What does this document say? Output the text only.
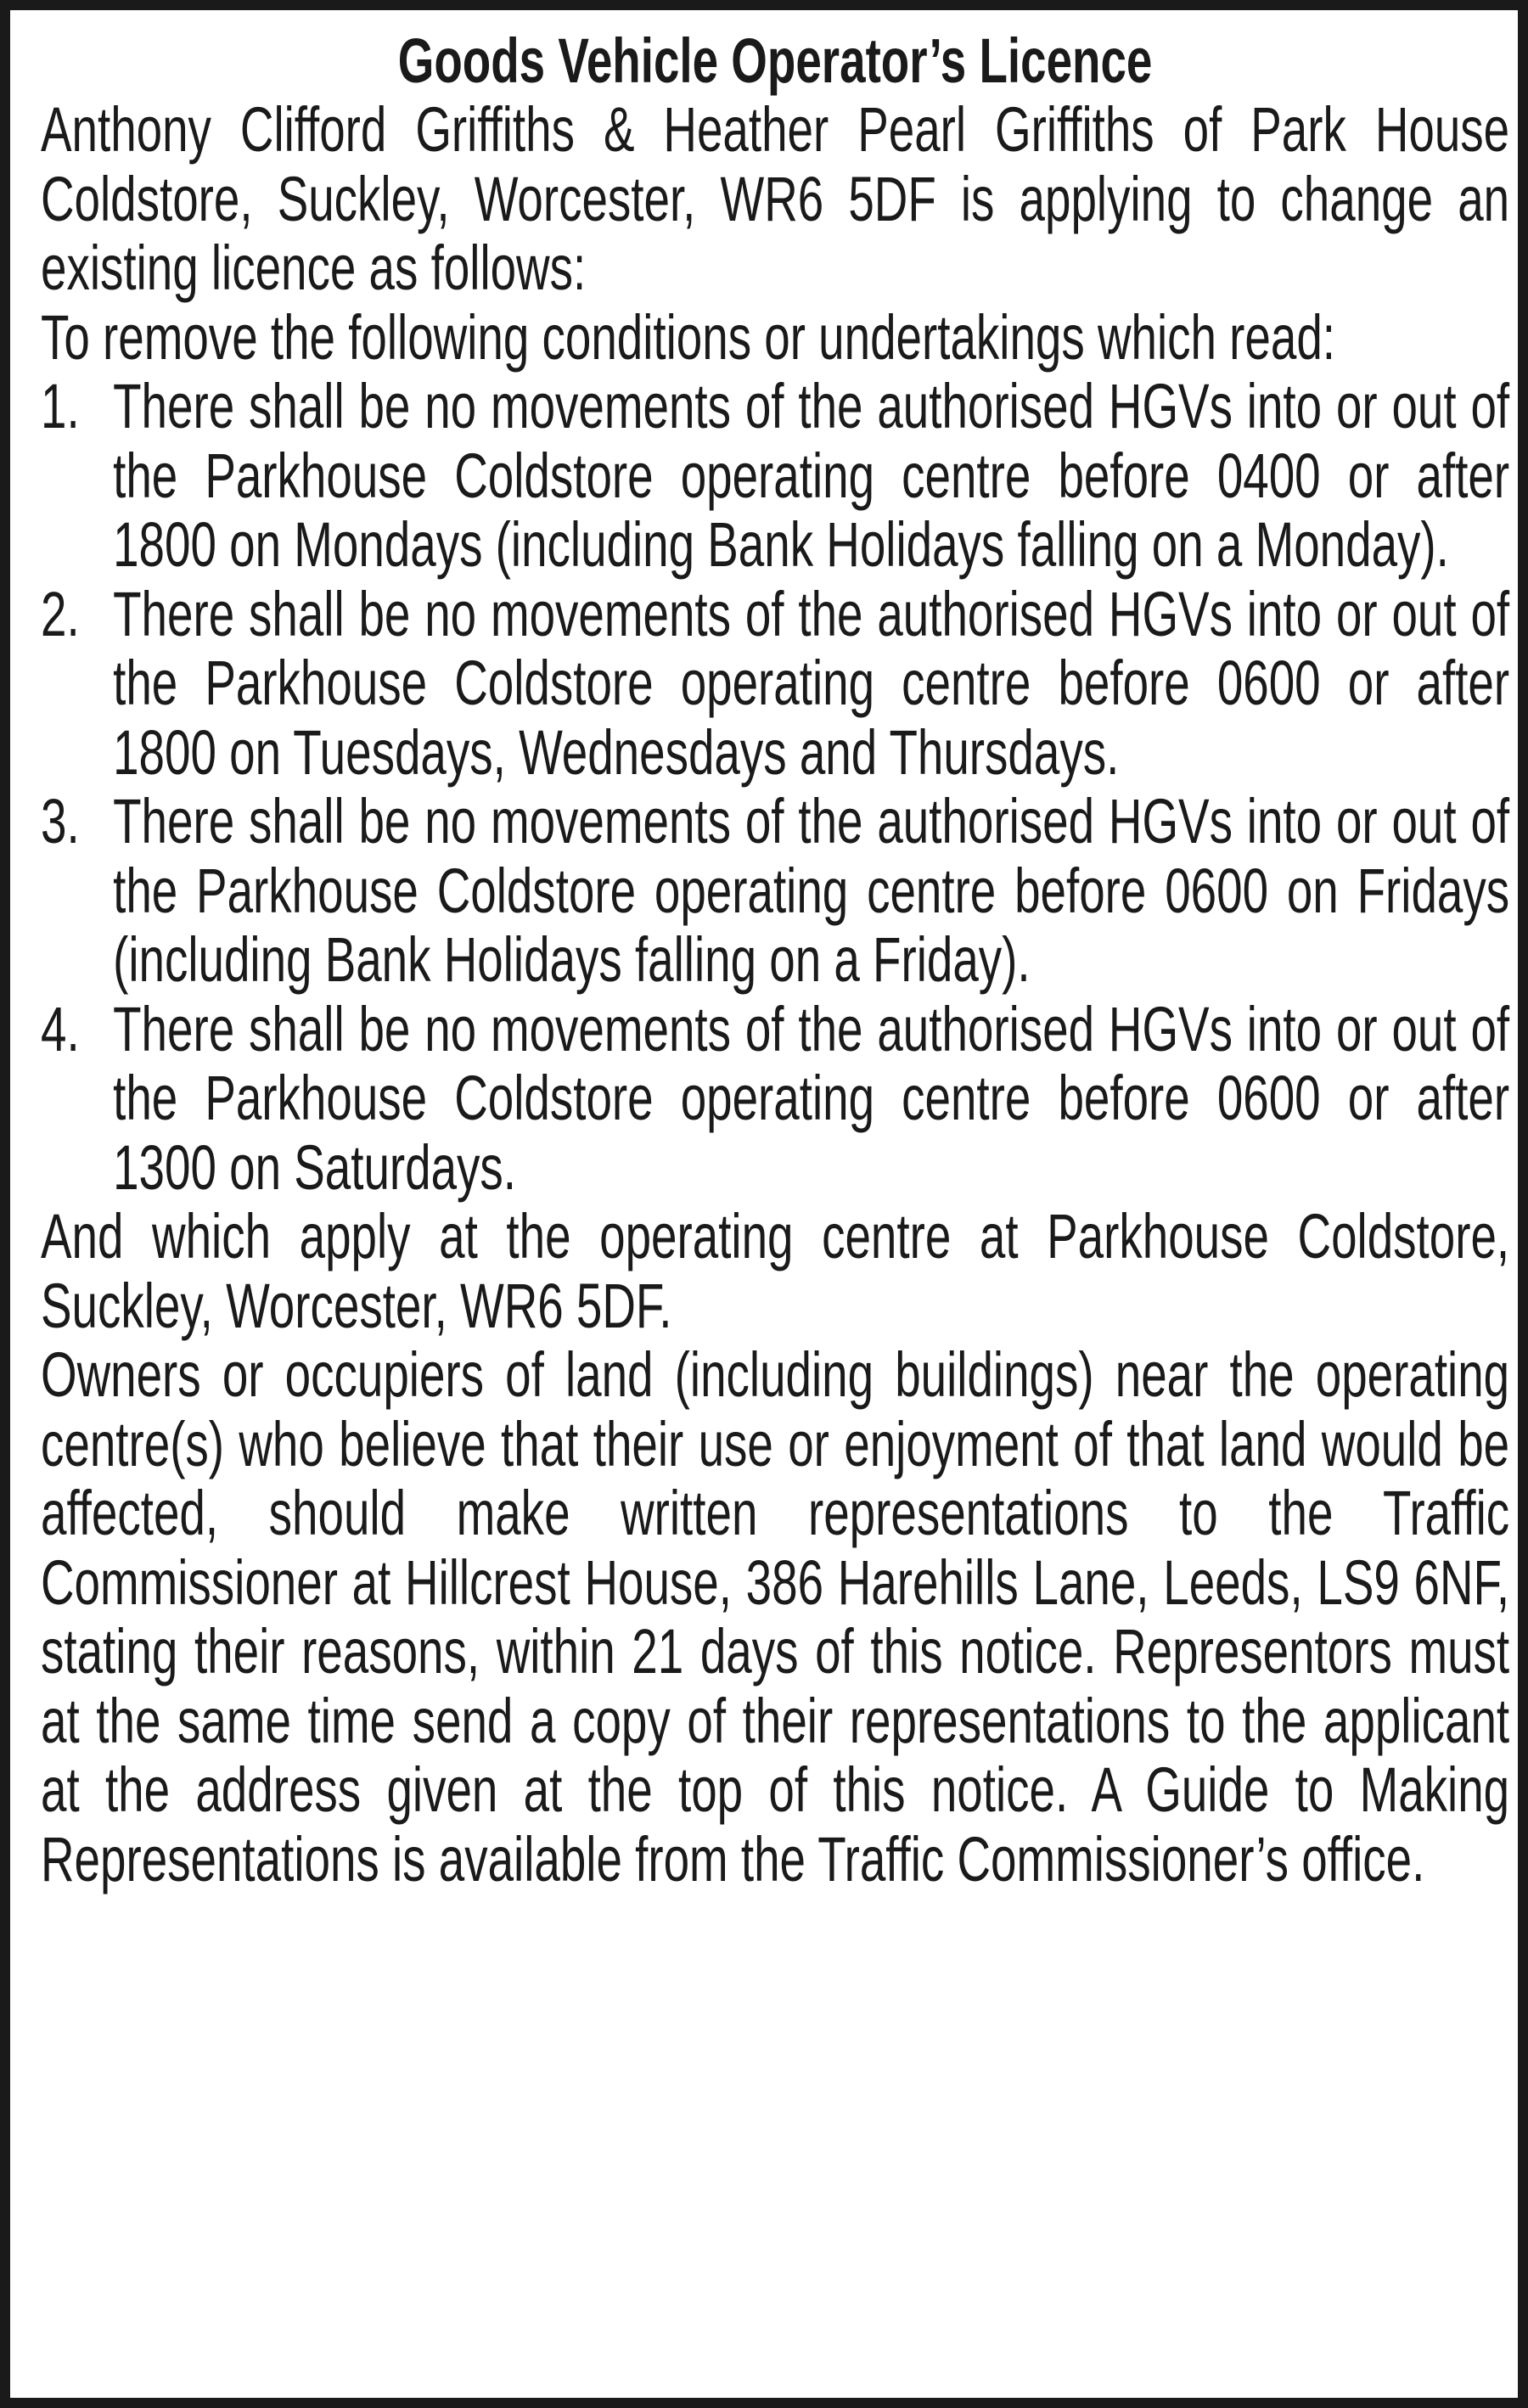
Goods Vehicle Operator’s Licence

Anthony Clifford Griffiths & Heather Pearl Griffiths of Park House Coldstore, Suckley, Worcester, WR6 5DF is applying to change an existing licence as follows:

To remove the following conditions or undertakings which read:

1. There shall be no movements of the authorised HGVs into or out of the Parkhouse Coldstore operating centre before 0400 or after 1800 on Mondays (including Bank Holidays falling on a Monday).
2. There shall be no movements of the authorised HGVs into or out of the Parkhouse Coldstore operating centre before 0600 or after 1800 on Tuesdays, Wednesdays and Thursdays.
3. There shall be no movements of the authorised HGVs into or out of the Parkhouse Coldstore operating centre before 0600 on Fridays (including Bank Holidays falling on a Friday).
4. There shall be no movements of the authorised HGVs into or out of the Parkhouse Coldstore operating centre before 0600 or after 1300 on Saturdays.

And which apply at the operating centre at Parkhouse Coldstore, Suckley, Worcester, WR6 5DF.

Owners or occupiers of land (including buildings) near the operating centre(s) who believe that their use or enjoyment of that land would be affected, should make written representations to the Traffic Commissioner at Hillcrest House, 386 Harehills Lane, Leeds, LS9 6NF, stating their reasons, within 21 days of this notice. Representors must at the same time send a copy of their representations to the applicant at the address given at the top of this notice. A Guide to Making Representations is available from the Traffic Commissioner’s office.
